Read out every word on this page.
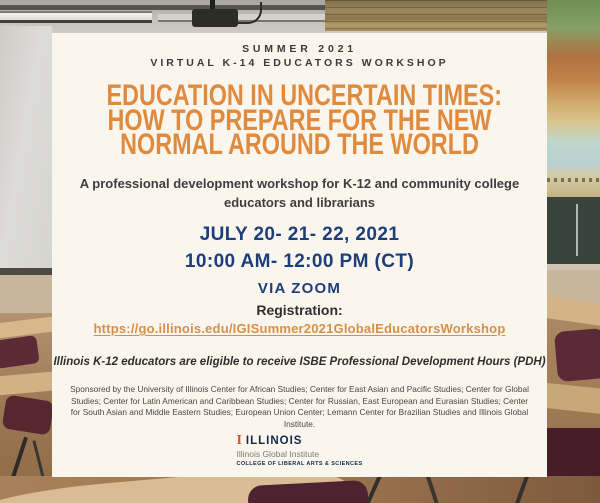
SUMMER 2021
VIRTUAL K-14 EDUCATORS WORKSHOP
EDUCATION IN UNCERTAIN TIMES:
HOW TO PREPARE FOR THE NEW
NORMAL AROUND THE WORLD
A professional development workshop for K-12 and community college
educators and librarians
JULY 20- 21- 22, 2021
10:00 AM- 12:00 PM (CT)
VIA ZOOM
Registration:
https://go.illinois.edu/IGISummer2021GlobalEducatorsWorkshop
Illinois K-12 educators are eligible to receive ISBE Professional Development Hours (PDH)
Sponsored by the University of Illinois Center for African Studies; Center for East Asian and Pacific Studies; Center for Global Studies; Center for Latin American and Caribbean Studies; Center for Russian, East European and Eurasian Studies; Center for South Asian and Middle Eastern Studies; European Union Center; Lemann Center for Brazilian Studies and Illinois Global Institute.
I ILLINOIS
Illinois Global Institute
COLLEGE OF LIBERAL ARTS & SCIENCES
